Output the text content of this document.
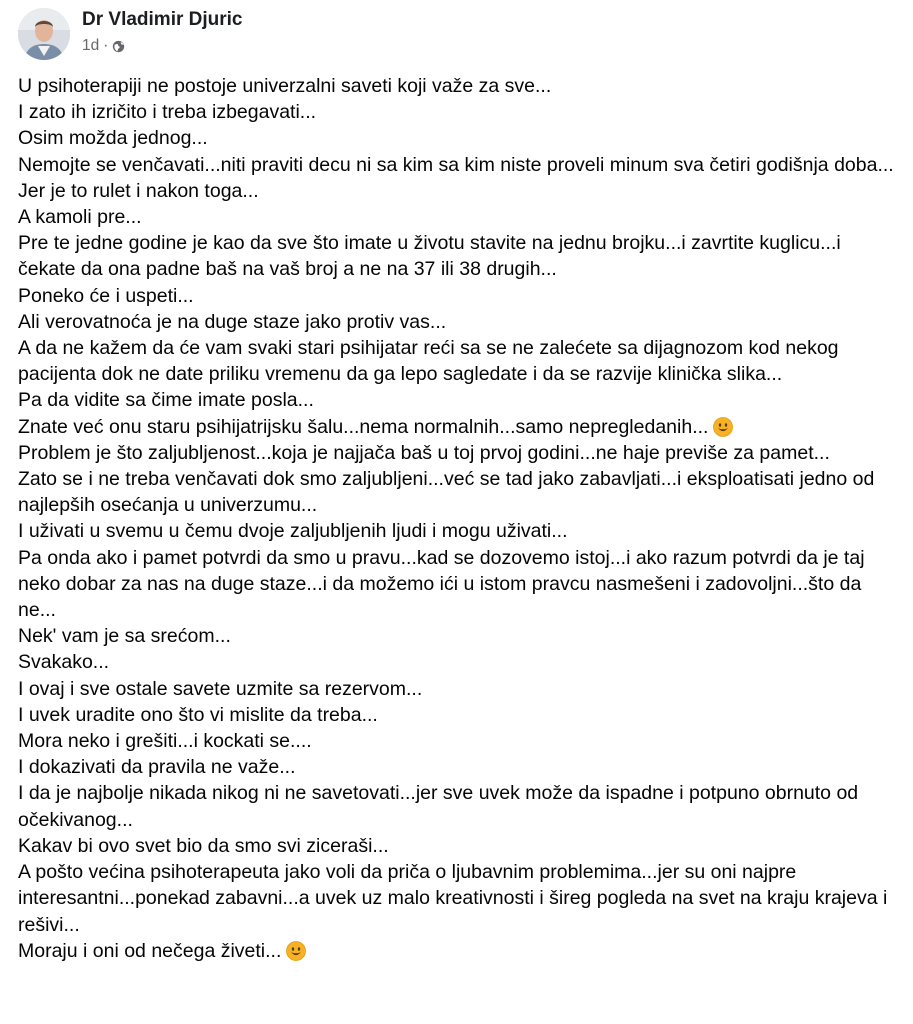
Dr Vladimir Djuric
1d ·

U psihoterapiji ne postoje univerzalni saveti koji važe za sve...

I zato ih izričito i treba izbegavati...

Osim možda jednog...

Nemojte se venčavati...niti praviti decu ni sa kim sa kim niste proveli minum sva četiri godišnja doba...

Jer je to rulet i nakon toga...

A kamoli pre...

Pre te jedne godine je kao da sve što imate u životu stavite na jednu brojku...i zavrtite kuglicu...i čekate da ona padne baš na vaš broj a ne na 37 ili 38 drugih...

Poneko će i uspeti...

Ali verovatnoća je na duge staze jako protiv vas...

A da ne kažem da će vam svaki stari psihijatar reći sa se ne zalećete sa dijagnozom kod nekog pacijenta dok ne date priliku vremenu da ga lepo sagledate i da se razvije klinička slika...

Pa da vidite sa čime imate posla...

Znate već onu staru psihijatrijsku šalu...nema normalnih...samo nepregledanih...

Problem je što zaljubljenost...koja je najjača baš u toj prvoj godini...ne haje previše za pamet...

Zato se i ne treba venčavati dok smo zaljubljeni...već se tad jako zabavljati...i eksploatisati jedno od najlepših osećanja u univerzumu...

I uživati u svemu u čemu dvoje zaljubljenih ljudi i mogu uživati...

Pa onda ako i pamet potvrdi da smo u pravu...kad se dozovemo istoj...i ako razum potvrdi da je taj neko dobar za nas na duge staze...i da možemo ići u istom pravcu nasmešeni i zadovoljni...što da ne...

Nek' vam je sa srećom...

Svakako...

I ovaj i sve ostale savete uzmite sa rezervom...

I uvek uradite ono što vi mislite da treba...

Mora neko i grešiti...i kockati se....

I dokazivati da pravila ne važe...

I da je najbolje nikada nikog ni ne savetovati...jer sve uvek može da ispadne i potpuno obrnuto od očekivanog...

Kakav bi ovo svet bio da smo svi ziceraši...

A pošto većina psihoterapeuta jako voli da priča o ljubavnim problemima...jer su oni najpre interesantni...ponekad zabavni...a uvek uz malo kreativnosti i šireg pogleda na svet na kraju krajeva i rešivi...

Moraju i oni od nečega živeti...
